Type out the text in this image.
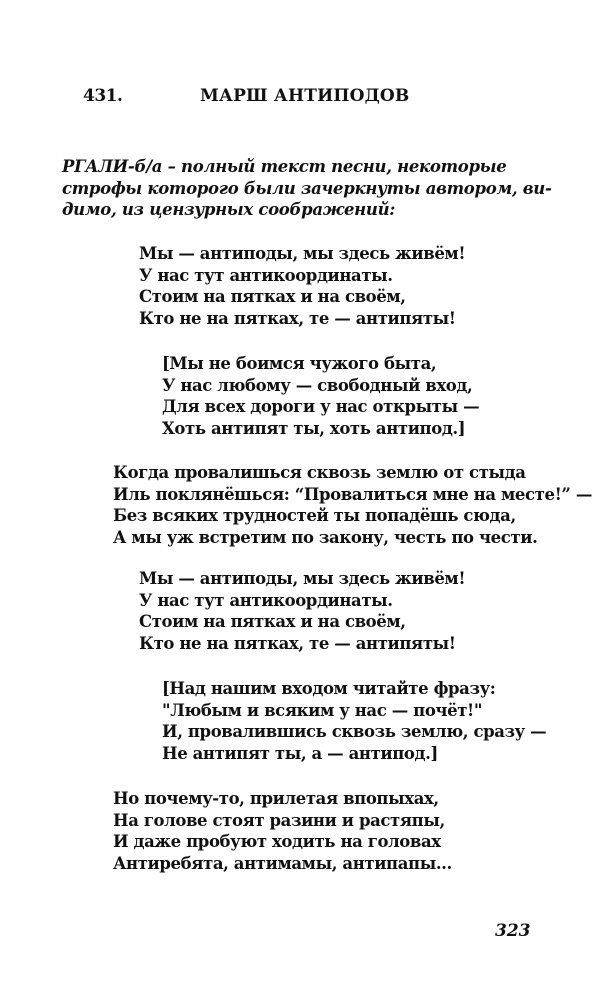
431.	МАРШ АНТИПОДОВ
РГАЛИ-б/а – полный текст песни, некоторые
строфы которого были зачеркнуты автором, ви-
димо, из цензурных соображений:
Мы — антиподы, мы здесь живём!
У нас тут антикоординаты.
Стоим на пятках и на своём,
Кто не на пятках, те — антипяты!
[Мы не боимся чужого быта,
У нас любому — свободный вход,
Для всех дороги у нас открыты —
Хоть антипят ты, хоть антипод.]
Когда провалишься сквозь землю от стыда
Иль поклянёшься: “Провалиться мне на месте!” —
Без всяких трудностей ты попадёшь сюда,
А мы уж встретим по закону, честь по чести.
Мы — антиподы, мы здесь живём!
У нас тут антикоординаты.
Стоим на пятках и на своём,
Кто не на пятках, те — антипяты!
[Над нашим входом читайте фразу:
"Любым и всяким у нас — почёт!"
И, провалившись сквозь землю, сразу —
Не антипят ты, а — антипод.]
Но почему-то, прилетая впопыхах,
На голове стоят разини и растяпы,
И даже пробуют ходить на головах
Антиребята, антимамы, антипапы...
323
